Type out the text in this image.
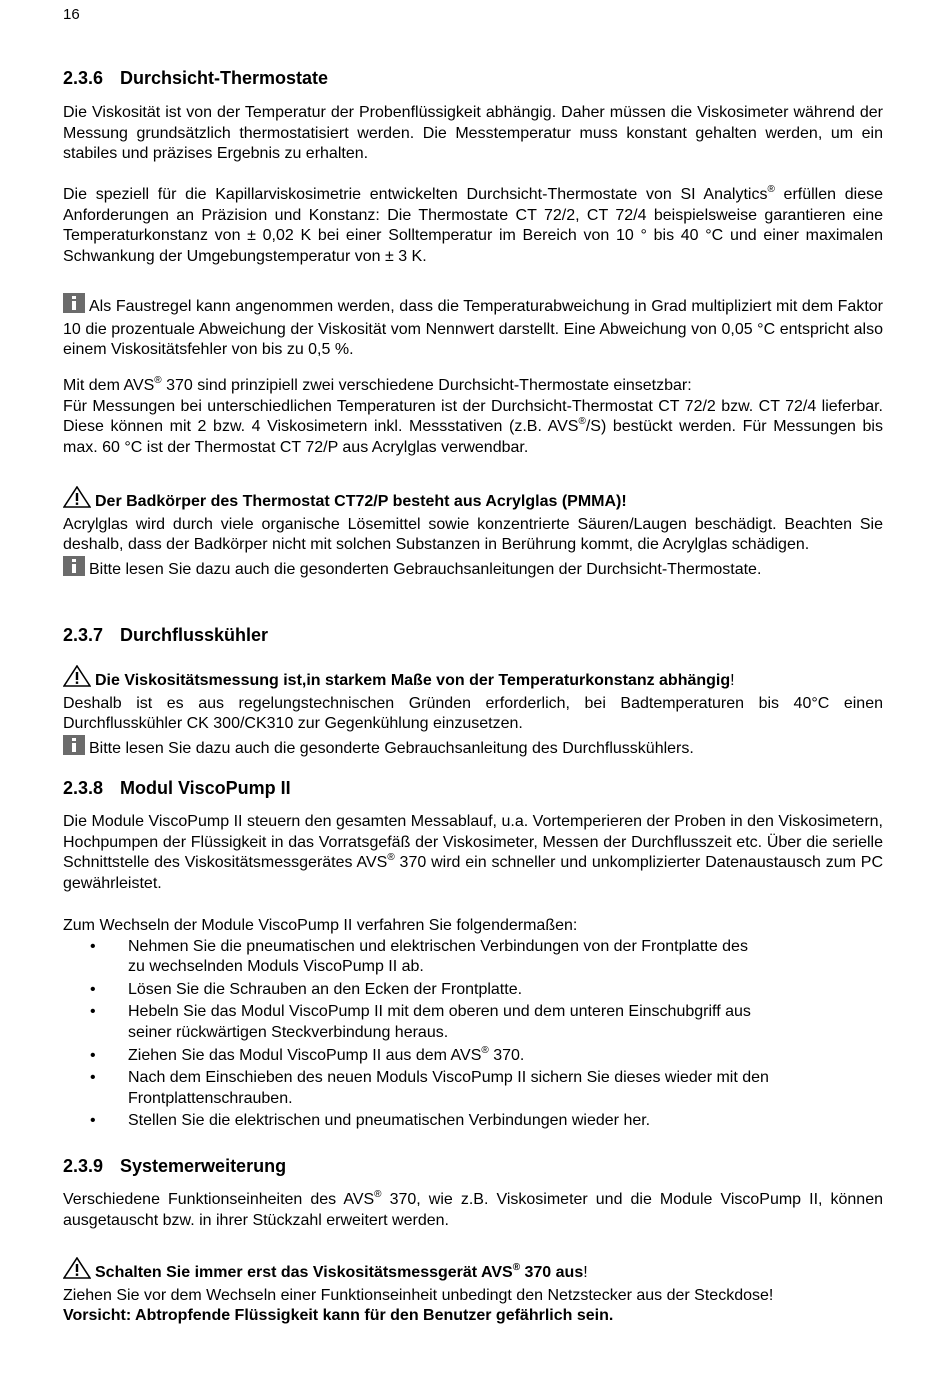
16
2.3.6 Durchsicht-Thermostate

Die Viskosität ist von der Temperatur der Probenflüssigkeit abhängig. Daher müssen die Viskosimeter während der Messung grundsätzlich thermostatisiert werden. Die Messtemperatur muss konstant gehalten werden, um ein stabiles und präzises Ergebnis zu erhalten.

Die speziell für die Kapillarviskosimetrie entwickelten Durchsicht-Thermostate von SI Analytics® erfüllen diese Anforderungen an Präzision und Konstanz: Die Thermostate CT 72/2, CT 72/4 beispielsweise garantieren eine Temperaturkonstanz von ± 0,02 K bei einer Solltemperatur im Bereich von 10 ° bis 40 °C und einer maximalen Schwankung der Umgebungstemperatur von ± 3 K.

Als Faustregel kann angenommen werden, dass die Temperaturabweichung in Grad multipliziert mit dem Faktor 10 die prozentuale Abweichung der Viskosität vom Nennwert darstellt. Eine Abweichung von 0,05 °C entspricht also einem Viskositätsfehler von bis zu 0,5 %.

Mit dem AVS® 370 sind prinzipiell zwei verschiedene Durchsicht-Thermostate einsetzbar:

Für Messungen bei unterschiedlichen Temperaturen ist der Durchsicht-Thermostat CT 72/2 bzw. CT 72/4 lieferbar. Diese können mit 2 bzw. 4 Viskosimetern inkl. Messstativen (z.B. AVS®/S) bestückt werden. Für Messungen bis max. 60 °C ist der Thermostat CT 72/P aus Acrylglas verwendbar.

Der Badkörper des Thermostat CT72/P besteht aus Acrylglas (PMMA)!

Acrylglas wird durch viele organische Lösemittel sowie konzentrierte Säuren/Laugen beschädigt. Beachten Sie deshalb, dass der Badkörper nicht mit solchen Substanzen in Berührung kommt, die Acrylglas schädigen.

Bitte lesen Sie dazu auch die gesonderten Gebrauchsanleitungen der Durchsicht-Thermostate.

2.3.7 Durchflusskühler

Die Viskositätsmessung ist,in starkem Maße von der Temperaturkonstanz abhängig!

Deshalb ist es aus regelungstechnischen Gründen erforderlich, bei Badtemperaturen bis 40°C einen Durchflusskühler CK 300/CK310 zur Gegenkühlung einzusetzen.

Bitte lesen Sie dazu auch die gesonderte Gebrauchsanleitung des Durchflusskühlers.

2.3.8 Modul ViscoPump II

Die Module ViscoPump II steuern den gesamten Messablauf, u.a. Vortemperieren der Proben in den Viskosimetern, Hochpumpen der Flüssigkeit in das Vorratsgefäß der Viskosimeter, Messen der Durchflusszeit etc. Über die serielle Schnittstelle des Viskositätsmessgerätes AVS® 370 wird ein schneller und unkomplizierter Datenaustausch zum PC gewährleistet.

Zum Wechseln der Module ViscoPump II verfahren Sie folgendermaßen:

• Nehmen Sie die pneumatischen und elektrischen Verbindungen von der Frontplatte des
zu wechselnden Moduls ViscoPump II ab.
• Lösen Sie die Schrauben an den Ecken der Frontplatte.
• Hebeln Sie das Modul ViscoPump II mit dem oberen und dem unteren Einschubgriff aus
seiner rückwärtigen Steckverbindung heraus.
• Ziehen Sie das Modul ViscoPump II aus dem AVS® 370.
• Nach dem Einschieben des neuen Moduls ViscoPump II sichern Sie dieses wieder mit den
Frontplattenschrauben.
• Stellen Sie die elektrischen und pneumatischen Verbindungen wieder her.
2.3.9 Systemerweiterung

Verschiedene Funktionseinheiten des AVS® 370, wie z.B. Viskosimeter und die Module ViscoPump II, können ausgetauscht bzw. in ihrer Stückzahl erweitert werden.

Schalten Sie immer erst das Viskositätsmessgerät AVS® 370 aus!

Ziehen Sie vor dem Wechseln einer Funktionseinheit unbedingt den Netzstecker aus der Steckdose!

Vorsicht: Abtropfende Flüssigkeit kann für den Benutzer gefährlich sein.
